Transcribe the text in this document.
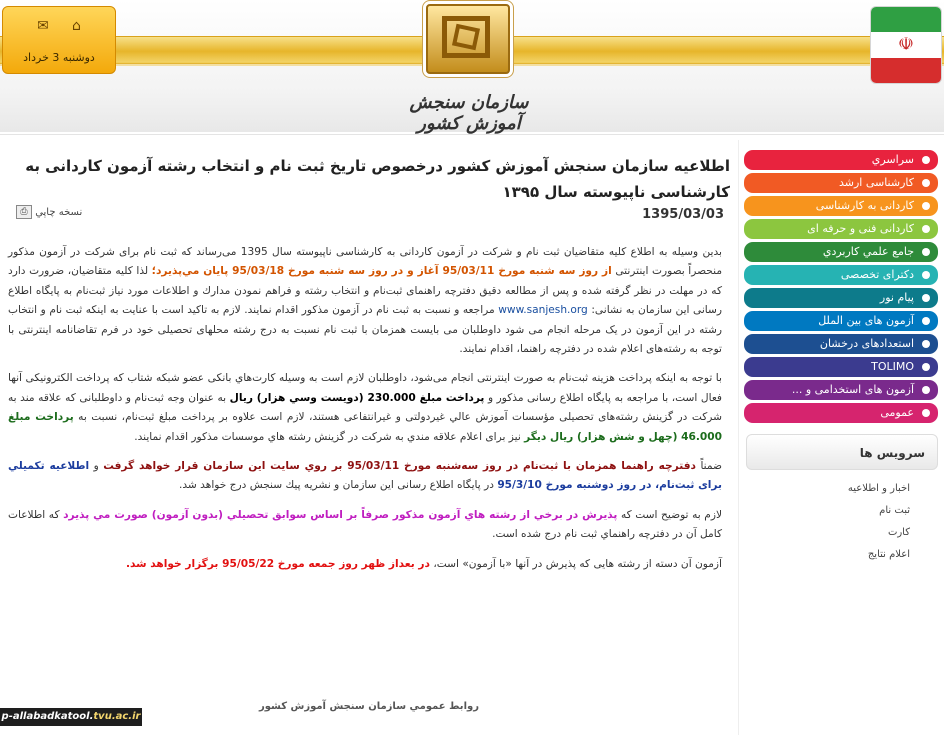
✉ ⌂
دوشنبه 3 خرداد
سازمان سنجش آموزش کشور
☫
اطلاعیه سازمان سنجش آموزش کشور درخصوص تاریخ ثبت نام و انتخاب رشته آزمون کاردانی به کارشناسی ناپیوسته سال ۱۳۹۵
1395/03/03
⎙ نسخه چاپي

بدین وسیله به اطلاع کلیه متقاضیان ثبت نام و شرکت در آزمون کاردانی به کارشناسی ناپیوسته سال 1395 می‌رساند که ثبت نام برای شرکت در آزمون مذکور منحصراً بصورت اینترنتی از روز سه شنبه مورخ 95/03/11 آغاز و در روز سه شنبه مورخ 95/03/18 پایان مي‌پذيرد؛ لذا کلیه متقاضیان، ضرورت دارد که در مهلت در نظر گرفته شده و پس از مطالعه دقیق دفترچه راهنمای ثبت‌نام و انتخاب رشته و فراهم نمودن مدارك و اطلاعات مورد نیاز ثبت‌نام به پایگاه اطلاع رسانی این سازمان به نشانی: www.sanjesh.org مراجعه و نسبت به ثبت نام در آزمون مذکور اقدام نمایند. لازم به تاکید است با عنایت به اینکه ثبت نام و انتخاب رشته در این آزمون در یک مرحله انجام می شود داوطلبان می بایست همزمان با ثبت نام نسبت به درج رشته محلهای تحصیلی خود در فرم تقاضانامه اینترنتی با توجه به رشته‌های اعلام شده در دفترچه راهنما، اقدام نمایند.

با توجه به اینکه پرداخت هزینه ثبت‌نام به صورت اینترنتی انجام می‌شود، داوطلبان لازم است به وسیله کارت‌هاي بانکی عضو شبکه شتاب که پرداخت الکترونیکی آنها فعال است، با مراجعه به پایگاه اطلاع رسانی مذکور و پرداخت مبلغ 230.000 (دویست وسي هزار) ريال به عنوان وجه ثبت‌نام و داوطلبانی که علاقه مند به شرکت در گزینش رشته‌های تحصیلی مؤسسات آموزش عالي غیردولتی و غیرانتفاعی هستند، لازم است علاوه بر پرداخت مبلغ ثبت‌نام، نسبت به پرداخت مبلغ 46.000 (چهل و شش هزار) ريال دیگر نیز برای اعلام علاقه مندي به شرکت در گزينش رشته هاي موسسات مذکور اقدام نمایند.

ضمناً دفترچه راهنما همزمان با ثبت‌نام در روز سه‌شنبه مورخ 95/03/11 بر روي سایت این سازمان قرار خواهد گرفت و اطلاعیه تکمیلي برای ثبت‌نام، در روز دوشنبه مورخ 95/3/10 در پایگاه اطلاع رسانی این سازمان و نشریه پیك سنجش درج خواهد شد.

لازم به توضیح است که پذیرش در برخي از رشته هاي آزمون مذکور صرفاً بر اساس سوابق تحصیلي (بدون آزمون) صورت مي پذیرد که اطلاعات کامل آن در دفترچه راهنماي ثبت نام درج شده است.

آزمون آن دسته از رشته هایی که پذیرش در آنها «با آزمون» است، در بعداز ظهر روز جمعه مورخ 95/05/22 برگزار خواهد شد.

روابط عمومي سازمان سنجش آموزش کشور
p-allabadkatool.tvu.ac.ir
سراسري
کارشناسی ارشد
کاردانی به کارشناسی
کاردانی فنی و حرفه ای
جامع علمي کاربردي
دکترای تخصصی
پيام نور
آزمون های بين الملل
استعدادهای درخشان
TOLIMO
آزمون های استخدامی و ...
عمومی
سرویس ها
اخبار و اطلاعیه
ثبت نام
کارت
اعلام نتايج
